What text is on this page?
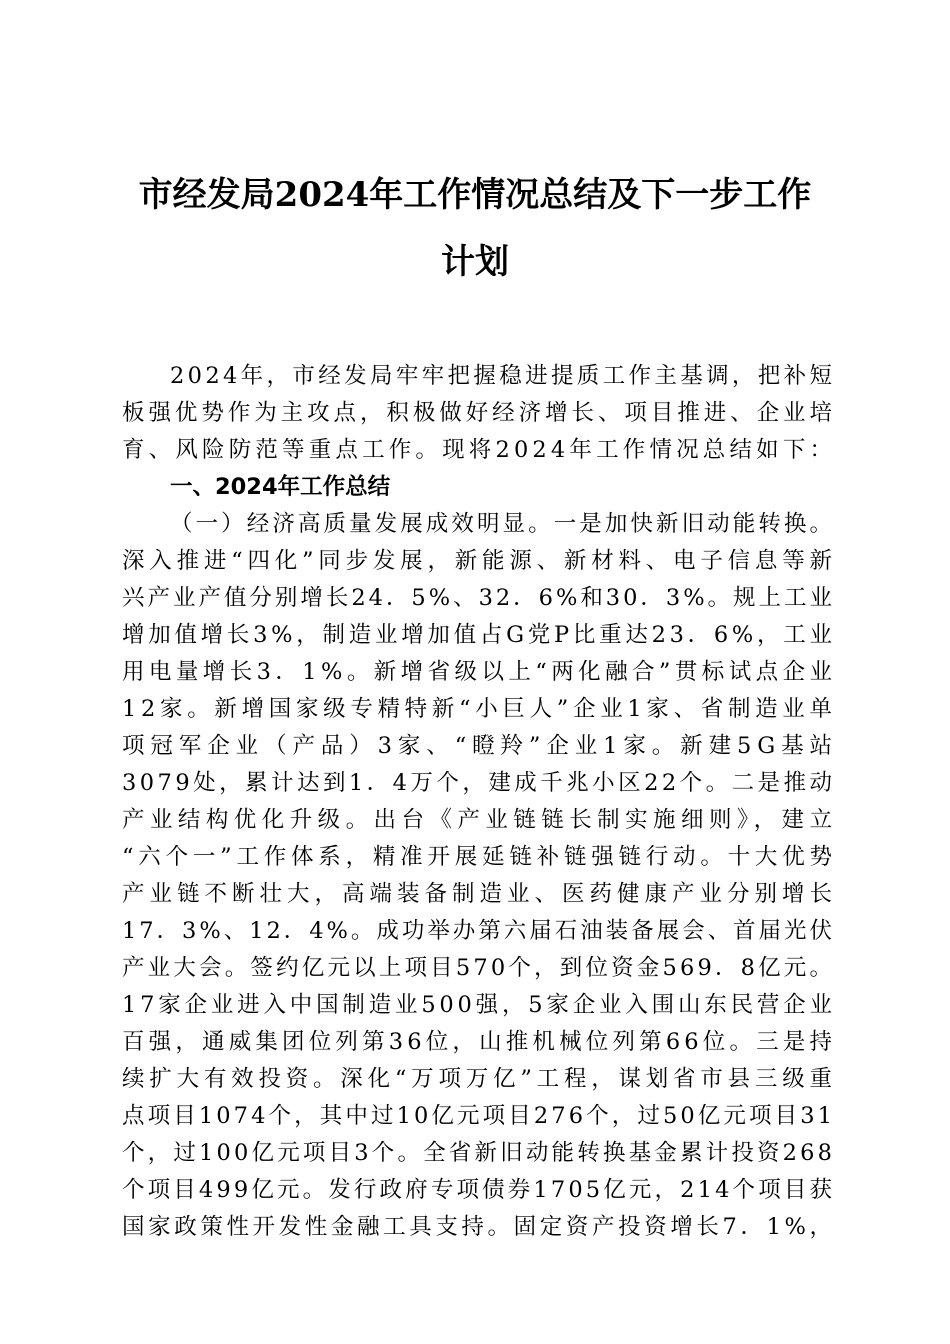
市经发局2024年工作情况总结及下一步工作
计划
2024年，市经发局牢牢把握稳进提质工作主基调，把补短
板强优势作为主攻点，积极做好经济增长、项目推进、企业培
育、风险防范等重点工作。现将2024年工作情况总结如下：
一、2024年工作总结
（一）经济高质量发展成效明显。一是加快新旧动能转换。
深入推进“四化”同步发展，新能源、新材料、电子信息等新
兴产业产值分别增长24．5%、32．6%和30．3%。规上工业
增加值增长3%，制造业增加值占G党P比重达23．6%，工业
用电量增长3．1%。新增省级以上“两化融合”贯标试点企业
12家。新增国家级专精特新“小巨人”企业1家、省制造业单
项冠军企业（产品）3家、“瞪羚”企业1家。新建5G基站
3079处，累计达到1．4万个，建成千兆小区22个。二是推动
产业结构优化升级。出台《产业链链长制实施细则》，建立
“六个一”工作体系，精准开展延链补链强链行动。十大优势
产业链不断壮大，高端装备制造业、医药健康产业分别增长
17．3%、12．4%。成功举办第六届石油装备展会、首届光伏
产业大会。签约亿元以上项目570个，到位资金569．8亿元。
17家企业进入中国制造业500强，5家企业入围山东民营企业
百强，通威集团位列第36位，山推机械位列第66位。三是持
续扩大有效投资。深化“万项万亿”工程，谋划省市县三级重
点项目1074个，其中过10亿元项目276个，过50亿元项目31
个，过100亿元项目3个。全省新旧动能转换基金累计投资268
个项目499亿元。发行政府专项债券1705亿元，214个项目获
国家政策性开发性金融工具支持。固定资产投资增长7．1%，
